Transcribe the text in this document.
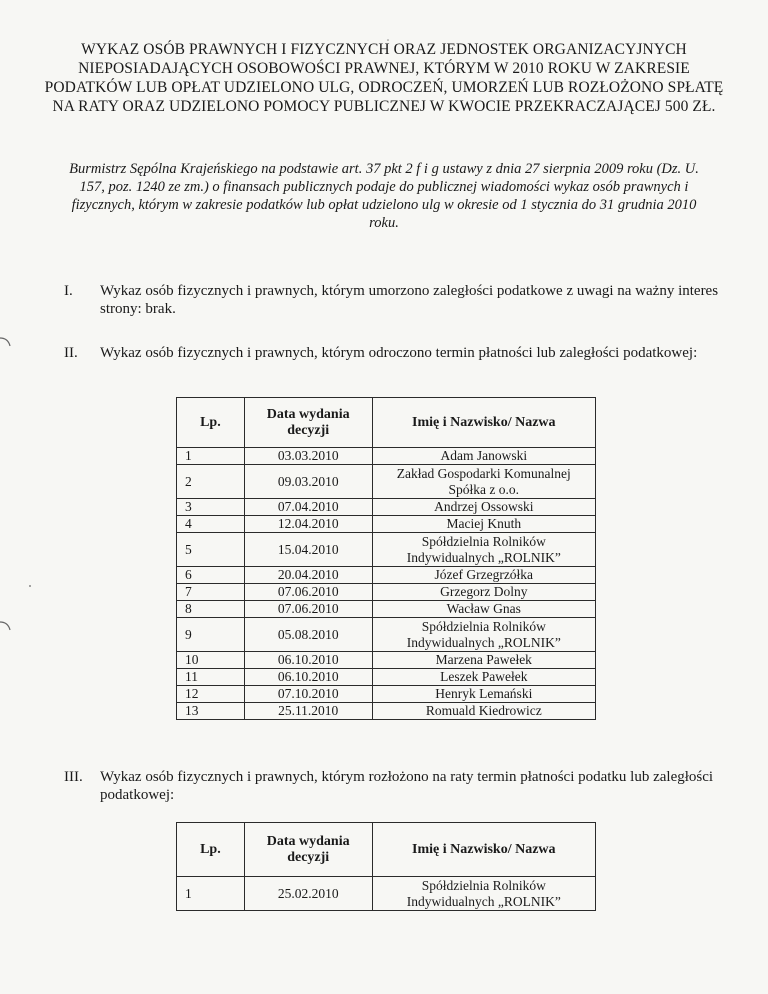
WYKAZ OSÓB PRAWNYCH I FIZYCZNYCH ORAZ JEDNOSTEK ORGANIZACYJNYCH NIEPOSIADAJĄCYCH OSOBOWOŚCI PRAWNEJ, KTÓRYM W 2010 ROKU W ZAKRESIE PODATKÓW LUB OPŁAT UDZIELONO ULG, ODROCZEŃ, UMORZEŃ LUB ROZŁOŻONO SPŁATĘ NA RATY ORAZ UDZIELONO POMOCY PUBLICZNEJ W KWOCIE PRZEKRACZAJĄCEJ 500 ZŁ.
Burmistrz Sępólna Krajeńskiego na podstawie art. 37 pkt 2 f i g ustawy z dnia 27 sierpnia 2009 roku (Dz. U. 157, poz. 1240 ze zm.) o finansach publicznych podaje do publicznej wiadomości wykaz osób prawnych i fizycznych, którym w zakresie podatków lub opłat udzielono ulg w okresie od 1 stycznia do 31 grudnia 2010 roku.
I. Wykaz osób fizycznych i prawnych, którym umorzono zaległości podatkowe z uwagi na ważny interes strony: brak.
II. Wykaz osób fizycznych i prawnych, którym odroczono termin płatności lub zaległości podatkowej:
Lp.	Data wydania decyzji	Imię i Nazwisko/ Nazwa
1	03.03.2010	Adam Janowski
2	09.03.2010	Zakład Gospodarki Komunalnej Spółka z o.o.
3	07.04.2010	Andrzej Ossowski
4	12.04.2010	Maciej Knuth
5	15.04.2010	Spółdzielnia Rolników Indywidualnych „ROLNIK”
6	20.04.2010	Józef Grzegrzółka
7	07.06.2010	Grzegorz Dolny
8	07.06.2010	Wacław Gnas
9	05.08.2010	Spółdzielnia Rolników Indywidualnych „ROLNIK”
10	06.10.2010	Marzena Pawełek
11	06.10.2010	Leszek Pawełek
12	07.10.2010	Henryk Lemański
13	25.11.2010	Romuald Kiedrowicz
III. Wykaz osób fizycznych i prawnych, którym rozłożono na raty termin płatności podatku lub zaległości podatkowej:
Lp.	Data wydania decyzji	Imię i Nazwisko/ Nazwa
1	25.02.2010	Spółdzielnia Rolników Indywidualnych „ROLNIK”
